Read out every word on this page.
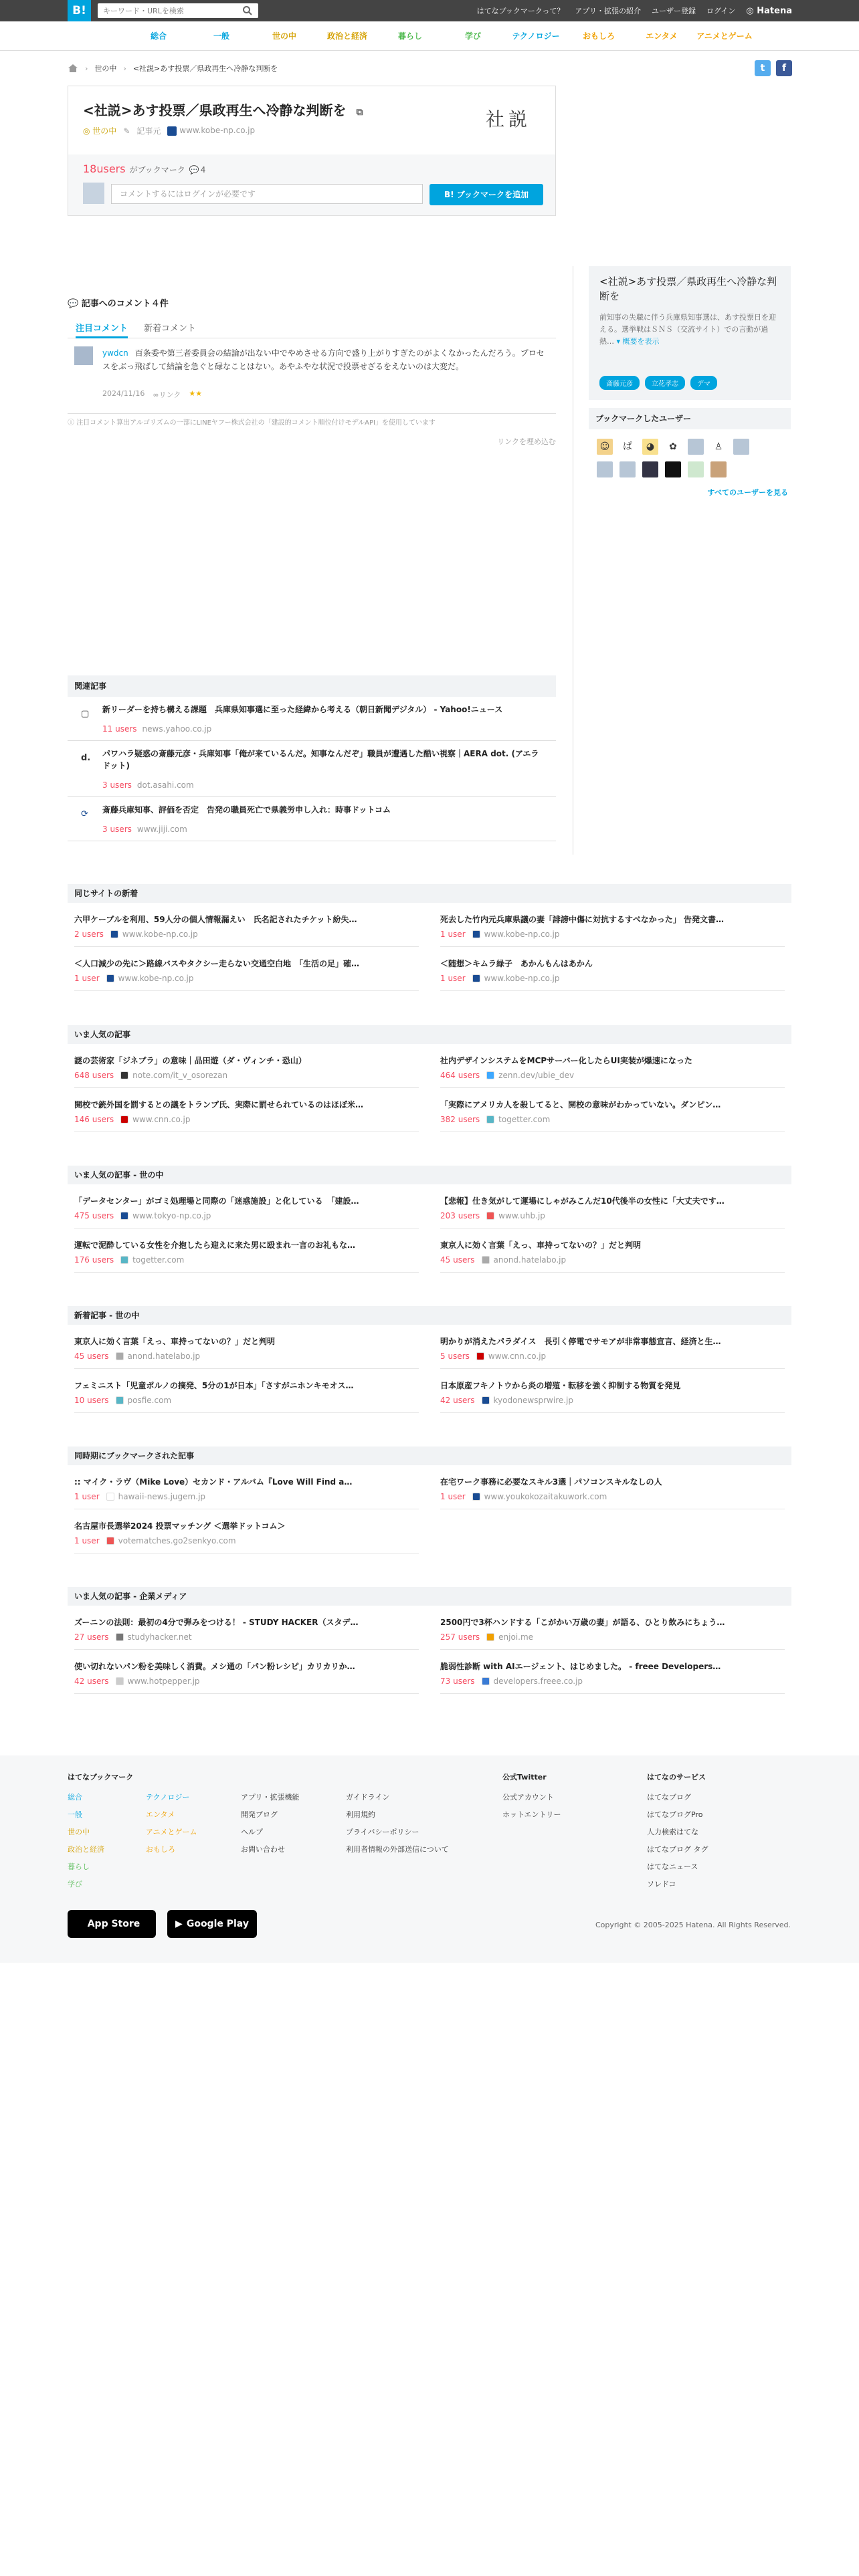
B!
キーワード・URLを検索	はてなブックマークって？ アプリ・拡張の紹介 ユーザー登録 ログイン ◎ Hatena
総合	一般	世の中	政治と経済	暮らし	学び	テクノロジー	おもしろ	エンタメ	アニメとゲーム
› 世の中 › <社説>あす投票／県政再生へ冷静な判断を	t	f
<社説>あす投票／県政再生へ冷静な判断を ⧉
◎ 世の中 ✎ 記事元	www.kobe-np.co.jp
社説
18users がブックマーク 💬 4
コメントするにはログインが必要です	B! ブックマークを追加
💬 記事へのコメント４件
注目コメント 新着コメント
ywdcn 百条委や第三者委員会の結論が出ない中でやめさせる方向で盛り上がりすぎたのがよくなかったんだろう。プロセスをぶっ飛ばして結論を急ぐと碌なことはない。あやふやな状況で投票せざるをえないのは大変だ。
2024/11/16 ∞リンク ★★
ⓘ 注目コメント算出アルゴリズムの一部にLINEヤフー株式会社の「建設的コメント順位付けモデルAPI」を使用しています
リンクを埋め込む
<社説>あす投票／県政再生へ冷静な判断を
前知事の失職に伴う兵庫県知事選は、あす投票日を迎える。選挙戦はＳＮＳ（交流サイト）での言動が過熱… ▾ 概要を表示
斎藤元彦	立花孝志	デマ
ブックマークしたユーザー
☺	ぱ	◕	✿	♙
すべてのユーザーを見る
関連記事
▢ 新リーダーを持ち構える課題　兵庫県知事選に至った経緯から考える（朝日新聞デジタル） - Yahoo!ニュース
11 users news.yahoo.co.jp
d. パワハラ疑惑の斎藤元彦・兵庫知事「俺が来ているんだ。知事なんだぞ」職員が遭遇した酷い視察｜AERA dot. (アエラドット)
3 users dot.asahi.com
⟳ 斎藤兵庫知事、評価を否定　告発の職員死亡で県義労申し入れ：時事ドットコム
3 users www.jiji.com
同じサイトの新着
六甲ケーブルを利用、59人分の個人情報漏えい　氏名記されたチケット紛失…
2 users www.kobe-np.co.jp
死去した竹内元兵庫県議の妻「誹謗中傷に対抗するすべなかった」 告発文書…
1 user www.kobe-np.co.jp
＜人口減少の先に＞路線バスやタクシー走らない交通空白地　「生活の足」確…
1 user www.kobe-np.co.jp
＜随想＞キムラ緑子　あかんもんはあかん
1 user www.kobe-np.co.jp
いま人気の記事
謎の芸術家「ジネブラ」の意味｜品田遊（ダ・ヴィンチ・恐山）
648 users note.com/it_v_osorezan
社内デザインシステムをMCPサーバー化したらUI実装が爆速になった
464 users zenn.dev/ubie_dev
開校で銃外国を罰するとの議をトランプ氏、実際に罰せられているのはほぼ米…
146 users www.cnn.co.jp
「実際にアメリカ人を殺してると、開校の意味がわかっていない。ダンピン…
382 users togetter.com
いま人気の記事 - 世の中
「データセンター」がゴミ処理場と同際の「迷惑施設」と化している　「建設…
475 users www.tokyo-np.co.jp
【悲報】仕き気がして運場にしゃがみこんだ10代後半の女性に「大丈夫です…
203 users www.uhb.jp
運転で泥酔している女性を介抱したら迎えに来た男に殴まれ一言のお礼もな…
176 users togetter.com
東京人に効く言葉「えっ、車持ってないの？」だと判明
45 users anond.hatelabo.jp
新着記事 - 世の中
東京人に効く言葉「えっ、車持ってないの？」だと判明
45 users anond.hatelabo.jp
明かりが消えたパラダイス　長引く停電でサモアが非常事態宣言、経済と生…
5 users www.cnn.co.jp
フェミニスト「児童ポルノの摘発、5分の1が日本」「さすがニホンキモオス…
10 users posfie.com
日本原産フキノトウから炎の増殖・転移を強く抑制する物質を発見
42 users kyodonewsprwire.jp
同時期にブックマークされた記事
:: マイク・ラヴ（Mike Love）セカンド・アルバム『Love Will Find a…
1 user hawaii-news.jugem.jp
在宅ワーク事務に必要なスキル3選｜パソコンスキルなしの人
1 user www.youkokozaitakuwork.com
名古屋市長選挙2024 投票マッチング ＜選挙ドットコム＞
1 user votematches.go2senkyo.com
いま人気の記事 - 企業メディア
ズーニンの法則：最初の4分で弾みをつける！ - STUDY HACKER（スタデ…
27 users studyhacker.net
2500円で3杯ハンドする「こがかい万歳の妻」が語る、ひとり飲みにちょう…
257 users enjoi.me
使い切れないパン粉を美味しく消費。メシ通の「パン粉レシピ」カリカリか…
42 users www.hotpepper.jp
脆弱性診断 with AIエージェント、はじめました。 - freee Developers…
73 users developers.freee.co.jp
はてなブックマーク
総合
一般
世の中
政治と経済
暮らし
学び
テクノロジー
エンタメ
アニメとゲーム
おもしろ
アプリ・拡張機能
開発ブログ
ヘルプ
お問い合わせ
ガイドライン
利用規約
プライバシーポリシー
利用者情報の外部送信について
公式Twitter
公式アカウント
ホットエントリー
はてなのサービス
はてなブログ
はてなブログPro
人力検索はてな
はてなブログ タグ
はてなニュース
ソレドコ
App Store	▶ Google Play	Copyright © 2005-2025 Hatena. All Rights Reserved.
